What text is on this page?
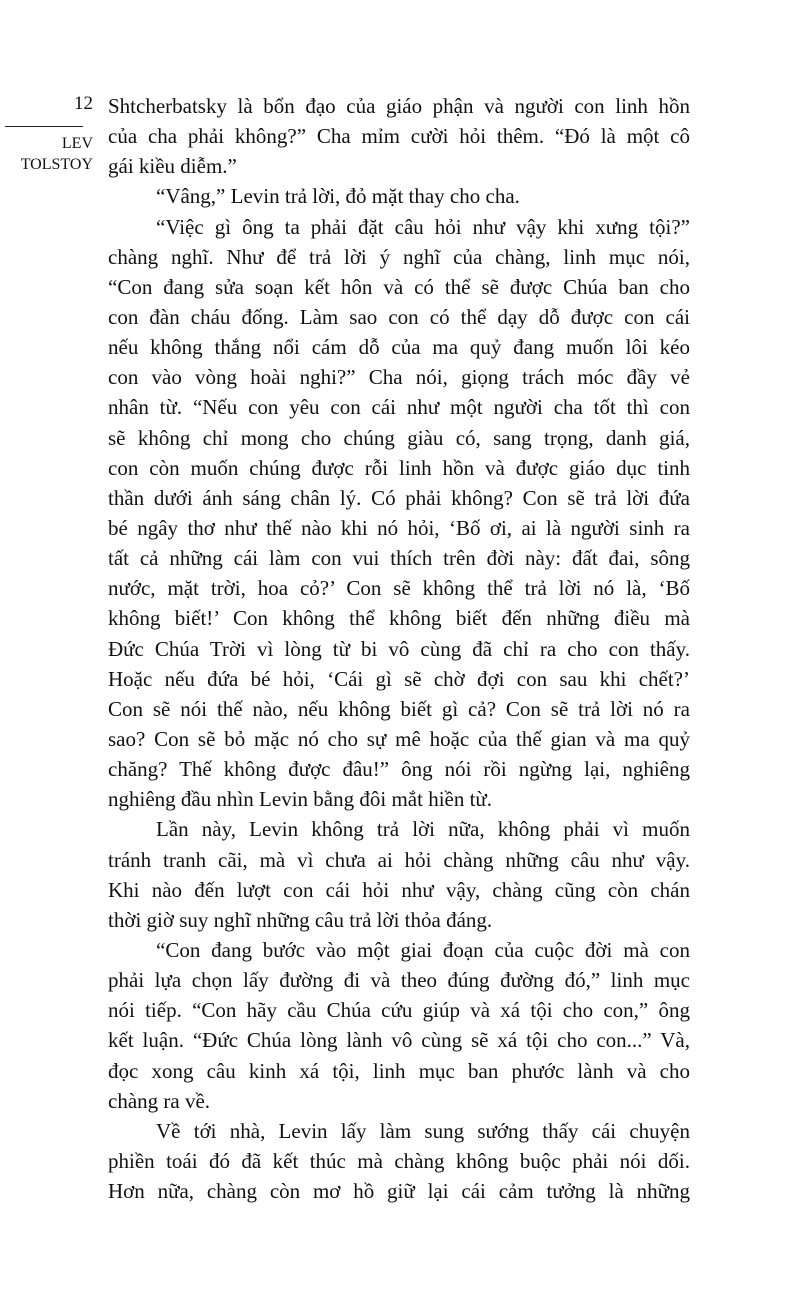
12
LEV
TOLSTOY
Shtcherbatsky là bổn đạo của giáo phận và người con linh hồn
của cha phải không?” Cha mỉm cười hỏi thêm. “Đó là một cô
gái kiều diễm.”
“Vâng,” Levin trả lời, đỏ mặt thay cho cha.
“Việc gì ông ta phải đặt câu hỏi như vậy khi xưng tội?”
chàng nghĩ. Như để trả lời ý nghĩ của chàng, linh mục nói,
“Con đang sửa soạn kết hôn và có thể sẽ được Chúa ban cho
con đàn cháu đống. Làm sao con có thể dạy dỗ được con cái
nếu không thắng nổi cám dỗ của ma quỷ đang muốn lôi kéo
con vào vòng hoài nghi?” Cha nói, giọng trách móc đầy vẻ
nhân từ. “Nếu con yêu con cái như một người cha tốt thì con
sẽ không chỉ mong cho chúng giàu có, sang trọng, danh giá,
con còn muốn chúng được rỗi linh hồn và được giáo dục tinh
thần dưới ánh sáng chân lý. Có phải không? Con sẽ trả lời đứa
bé ngây thơ như thế nào khi nó hỏi, ‘Bố ơi, ai là người sinh ra
tất cả những cái làm con vui thích trên đời này: đất đai, sông
nước, mặt trời, hoa cỏ?’ Con sẽ không thể trả lời nó là, ‘Bố
không biết!’ Con không thể không biết đến những điều mà
Đức Chúa Trời vì lòng từ bi vô cùng đã chỉ ra cho con thấy.
Hoặc nếu đứa bé hỏi, ‘Cái gì sẽ chờ đợi con sau khi chết?’
Con sẽ nói thế nào, nếu không biết gì cả? Con sẽ trả lời nó ra
sao? Con sẽ bỏ mặc nó cho sự mê hoặc của thế gian và ma quỷ
chăng? Thế không được đâu!” ông nói rồi ngừng lại, nghiêng
nghiêng đầu nhìn Levin bằng đôi mắt hiền từ.
Lần này, Levin không trả lời nữa, không phải vì muốn
tránh tranh cãi, mà vì chưa ai hỏi chàng những câu như vậy.
Khi nào đến lượt con cái hỏi như vậy, chàng cũng còn chán
thời giờ suy nghĩ những câu trả lời thỏa đáng.
“Con đang bước vào một giai đoạn của cuộc đời mà con
phải lựa chọn lấy đường đi và theo đúng đường đó,” linh mục
nói tiếp. “Con hãy cầu Chúa cứu giúp và xá tội cho con,” ông
kết luận. “Đức Chúa lòng lành vô cùng sẽ xá tội cho con...” Và,
đọc xong câu kinh xá tội, linh mục ban phước lành và cho
chàng ra về.
Về tới nhà, Levin lấy làm sung sướng thấy cái chuyện
phiền toái đó đã kết thúc mà chàng không buộc phải nói dối.
Hơn nữa, chàng còn mơ hồ giữ lại cái cảm tưởng là những
